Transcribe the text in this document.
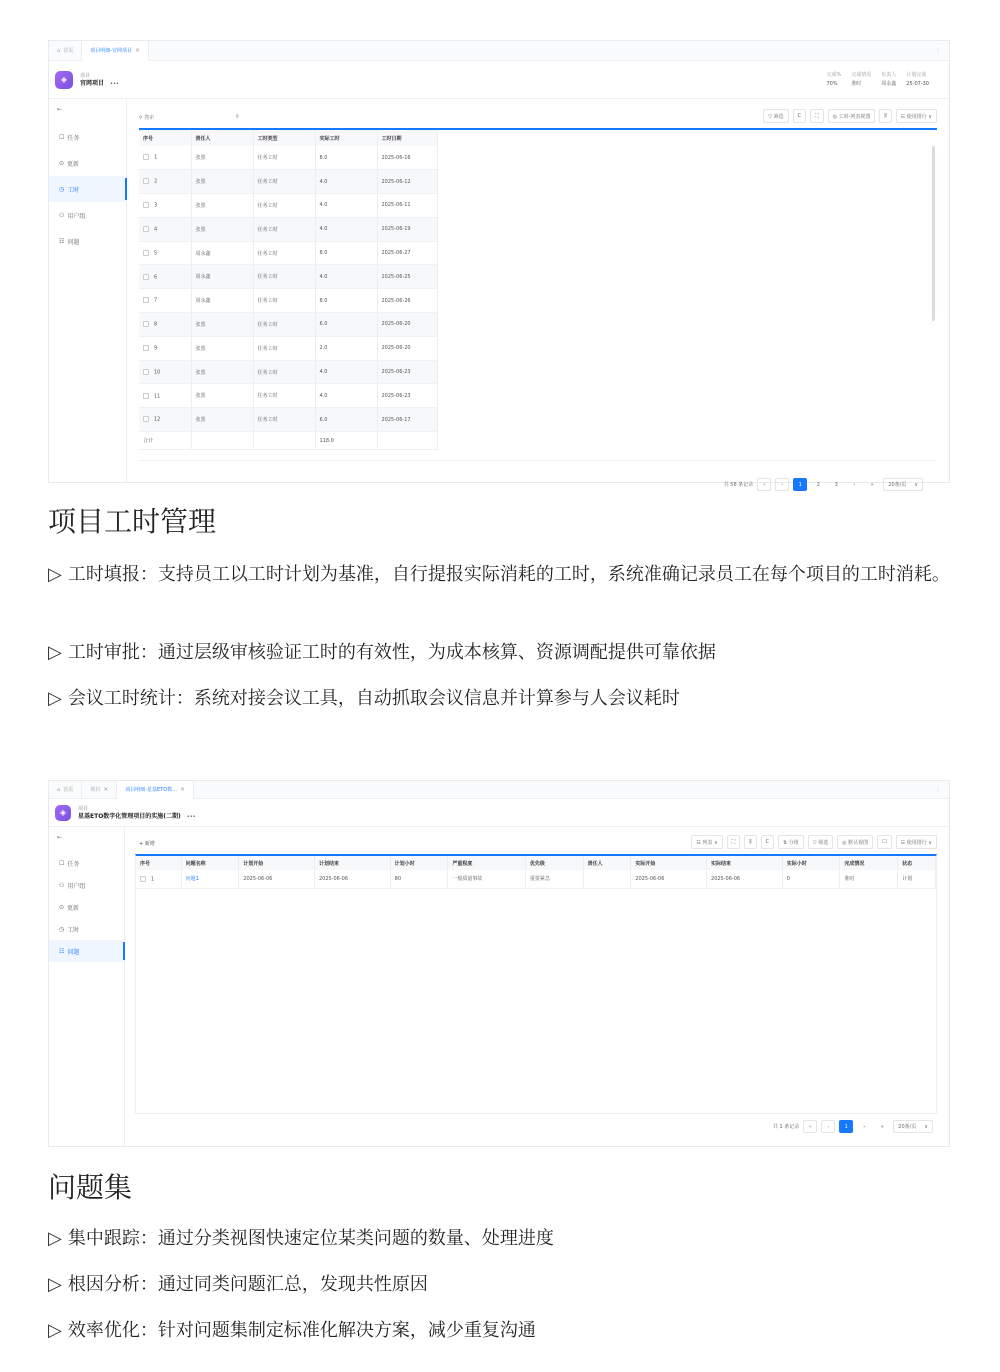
⌂ 首页	项目明细-官网项目 ×	⋮
◈	项目
官网项目 •••
完成%
70%
完成情况
准时
负责人
周永鑫
计划完成
25-07-30
⇤
☐ 任务
⊙ 更新
◷ 工时
⚇ 用户组
☷ 问题
⚲ 搜索	⚲	▽ 筛选	C	⛶	◎ 工时-列表视图	⫼	☷ 使用排行 ∨
序号	责任人	工时类型	实际工时	工时日期
1	张黑	任务工时	8.0	2025-06-16
2	张黑	任务工时	4.0	2025-06-12
3	张黑	任务工时	4.0	2025-06-11
4	张黑	任务工时	4.0	2025-06-19
5	周永鑫	任务工时	8.0	2025-06-27
6	周永鑫	任务工时	4.0	2025-06-25
7	周永鑫	任务工时	8.0	2025-06-26
8	张黑	任务工时	6.0	2025-06-20
9	张黑	任务工时	2.0	2025-06-20
10	张黑	任务工时	4.0	2025-06-23
11	张黑	任务工时	4.0	2025-06-23
12	张黑	任务工时	6.0	2025-06-17
合计			118.0	
共 58 条记录	«	‹	1	2	3	›	»	20条/页 ∨
项目工时管理
▷ 工时填报：支持员工以工时计划为基准，自行提报实际消耗的工时，系统准确记录员工在每个项目的工时消耗。
▷ 工时审批：通过层级审核验证工时的有效性，为成本核算、资源调配提供可靠依据
▷ 会议工时统计：系统对接会议工具，自动抓取会议信息并计算参与人会议耗时
⌂ 首页	项目 ×	项目明细-星基ETO数... ×	⋮
◈	项目
星基ETO数字化管理项目的实施(二期) •••
⇤
☐ 任务
⚇ 用户组
⊙ 更新
◷ 工时
☷ 问题
+ 新增	☷ 列表 ∨	⛶	⫼	C	⇅ 分组	▽ 筛选	◎ 默认视图	☐	☷ 使用排行 ∨
序号	问题名称	计划开始	计划结束	计划小时	严重程度	优先级	责任人	实际开始	实际结束	实际小时	完成情况	状态
1	问题1	2025-06-06	2025-06-06	80	一般质量事故	重要紧急		2025-06-06	2025-06-06	0	准时	计划
共 1 条记录	«	‹	1	›	»	20条/页 ∨
问题集
▷ 集中跟踪：通过分类视图快速定位某类问题的数量、处理进度
▷ 根因分析：通过同类问题汇总，发现共性原因
▷ 效率优化：针对问题集制定标准化解决方案，减少重复沟通
